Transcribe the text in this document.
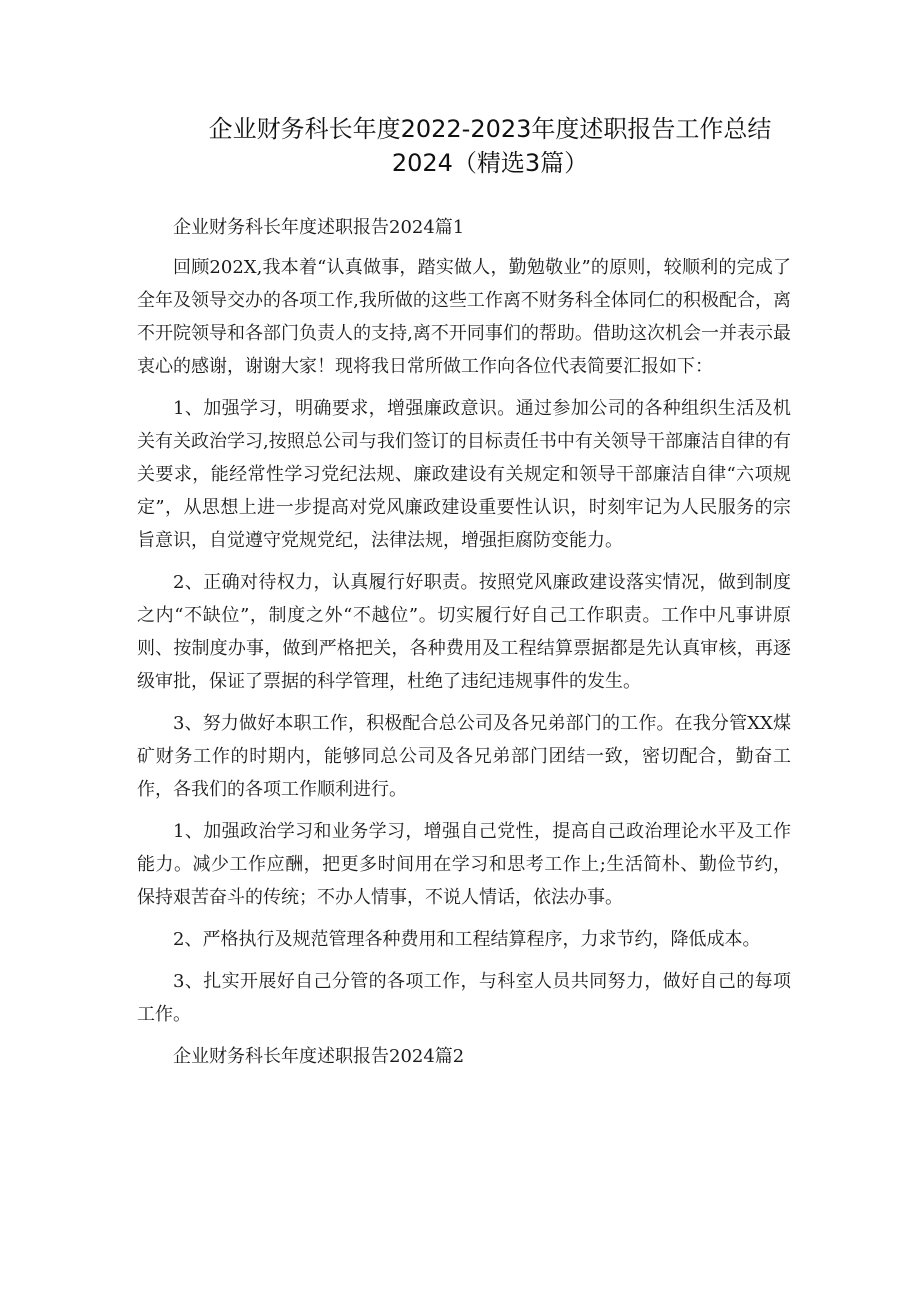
企业财务科长年度2022-2023年度述职报告工作总结
2024（精选3篇）

企业财务科长年度述职报告2024篇1

回顾202X,我本着“认真做事，踏实做人，勤勉敬业”的原则，较顺利的完成了全年及领导交办的各项工作,我所做的这些工作离不财务科全体同仁的积极配合，离不开院领导和各部门负责人的支持,离不开同事们的帮助。借助这次机会一并表示最衷心的感谢，谢谢大家！现将我日常所做工作向各位代表简要汇报如下：

1、加强学习，明确要求，增强廉政意识。通过参加公司的各种组织生活及机关有关政治学习,按照总公司与我们签订的目标责任书中有关领导干部廉洁自律的有关要求，能经常性学习党纪法规、廉政建设有关规定和领导干部廉洁自律“六项规定”，从思想上进一步提高对党风廉政建设重要性认识，时刻牢记为人民服务的宗旨意识，自觉遵守党规党纪，法律法规，增强拒腐防变能力。

2、正确对待权力，认真履行好职责。按照党风廉政建设落实情况，做到制度之内“不缺位”，制度之外“不越位”。切实履行好自己工作职责。工作中凡事讲原则、按制度办事，做到严格把关，各种费用及工程结算票据都是先认真审核，再逐级审批，保证了票据的科学管理，杜绝了违纪违规事件的发生。

3、努力做好本职工作，积极配合总公司及各兄弟部门的工作。在我分管XX煤矿财务工作的时期内，能够同总公司及各兄弟部门团结一致，密切配合，勤奋工作，各我们的各项工作顺利进行。

1、加强政治学习和业务学习，增强自己党性，提高自己政治理论水平及工作能力。减少工作应酬，把更多时间用在学习和思考工作上;生活简朴、勤俭节约，保持艰苦奋斗的传统；不办人情事，不说人情话，依法办事。

2、严格执行及规范管理各种费用和工程结算程序，力求节约，降低成本。

3、扎实开展好自己分管的各项工作，与科室人员共同努力，做好自己的每项工作。

企业财务科长年度述职报告2024篇2
